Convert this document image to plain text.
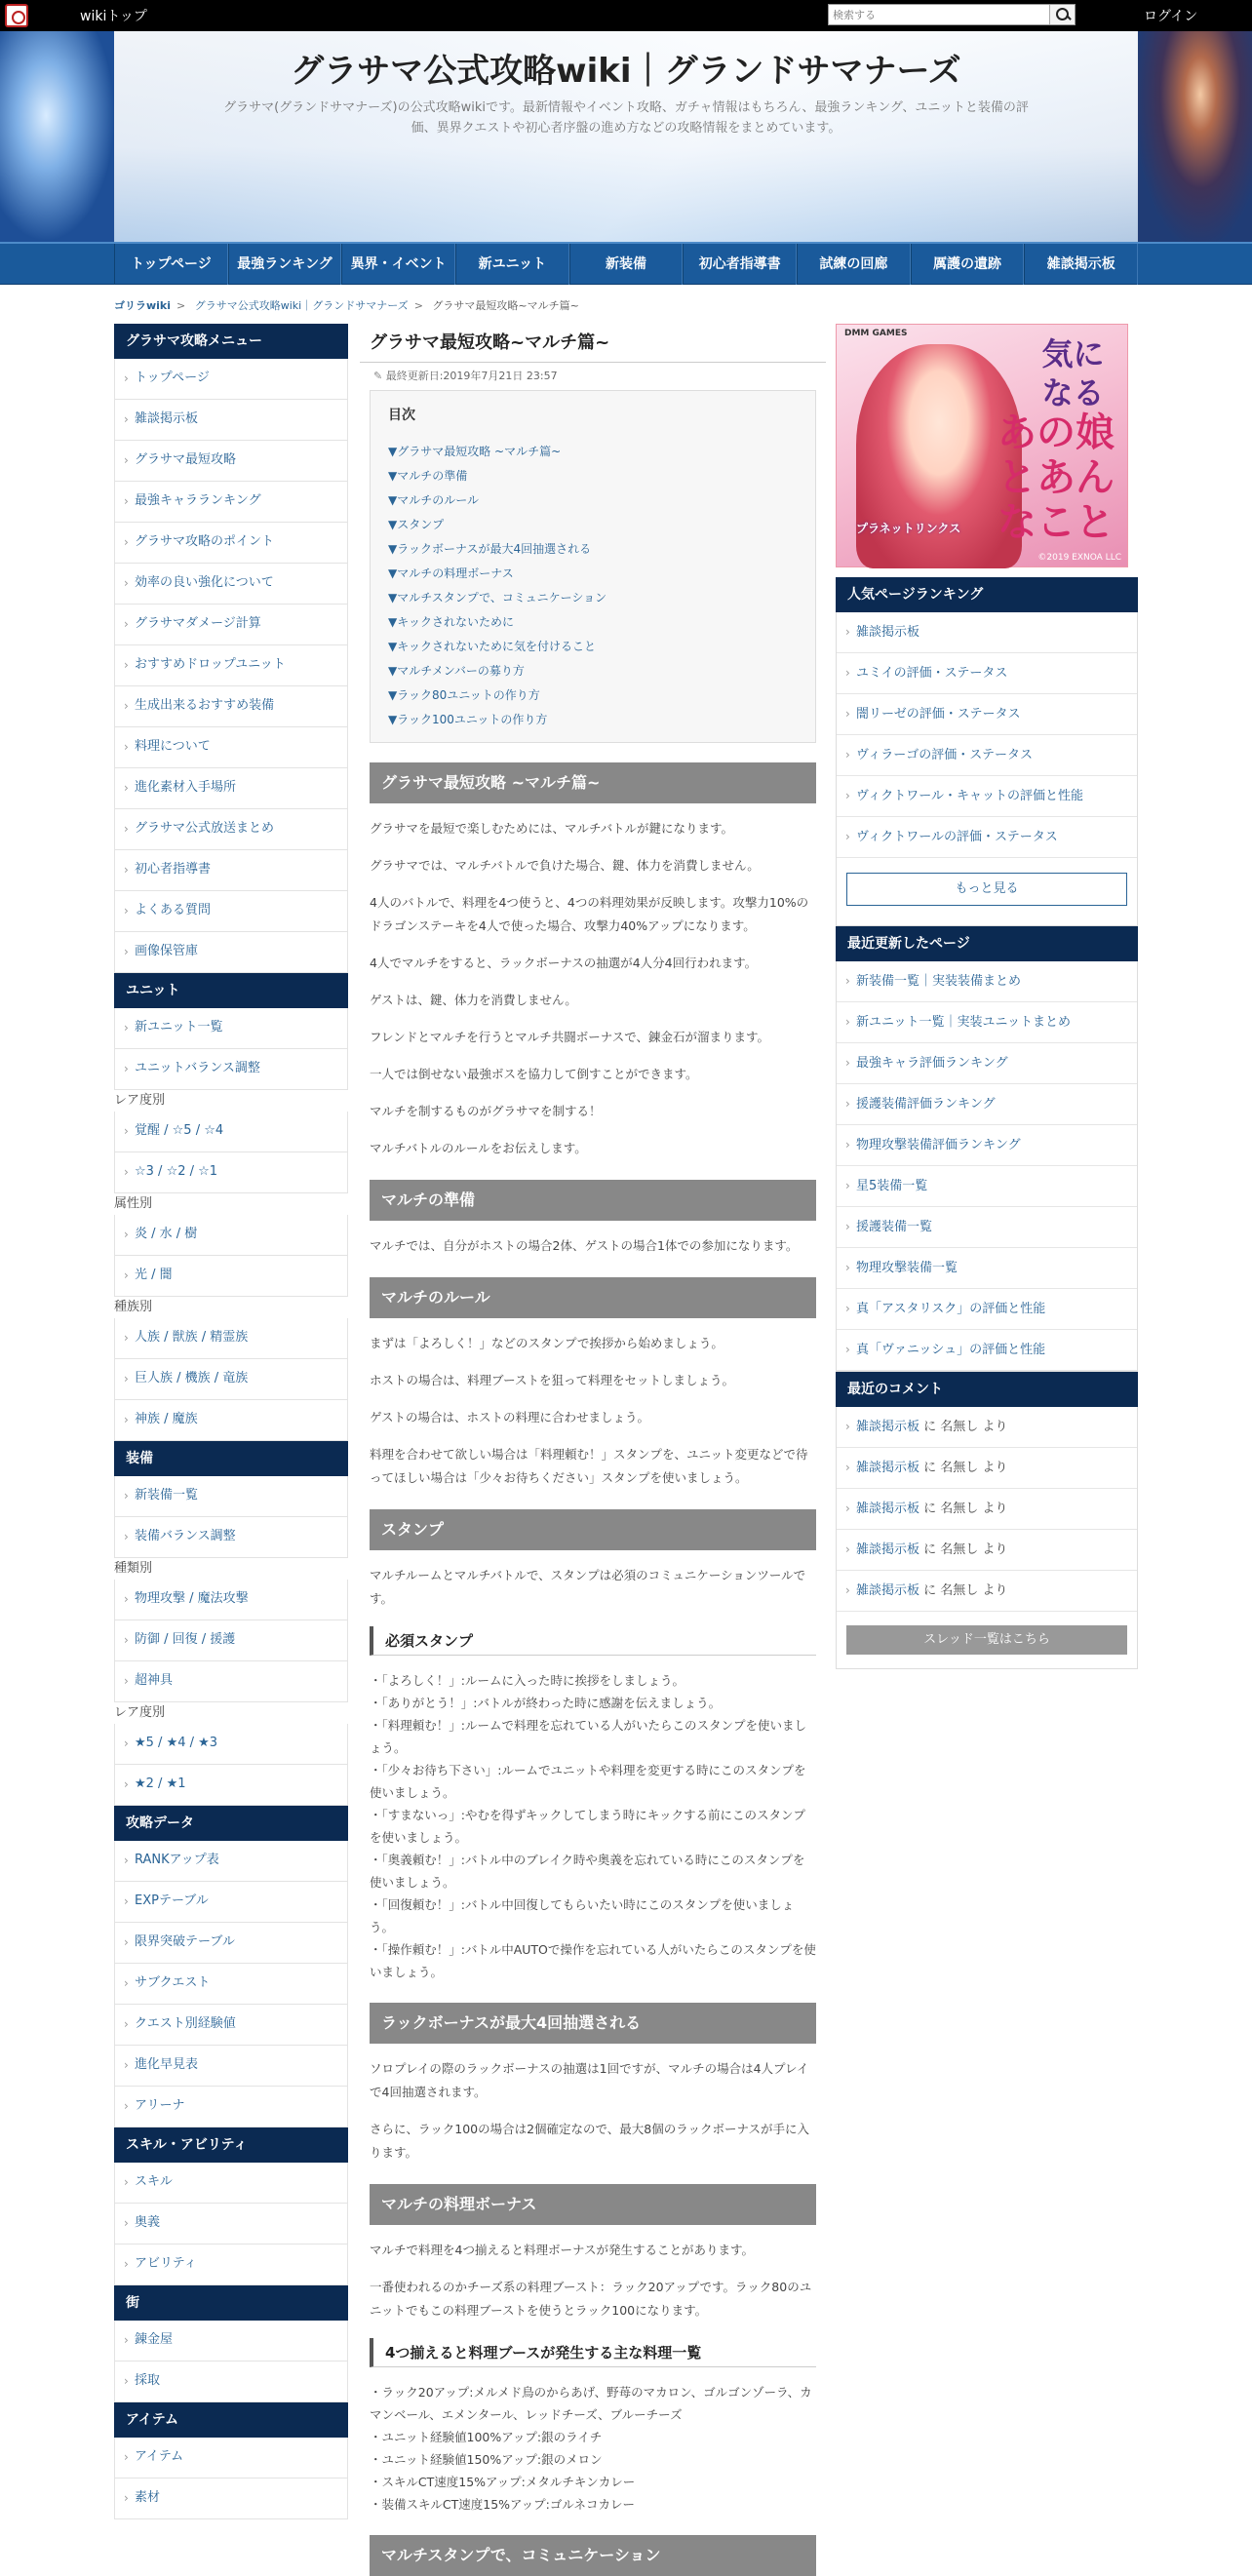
wikiトップ
検索する	ログイン
グラサマ公式攻略wiki｜グランドサマナーズ
グラサマ(グランドサマナーズ)の公式攻略wikiです。最新情報やイベント攻略、ガチャ情報はもちろん、最強ランキング、ユニットと装備の評価、異界クエストや初心者序盤の進め方などの攻略情報をまとめています。
トップページ	最強ランキング	異界・イベント	新ユニット	新装備	初心者指導書	試練の回廊	厲護の遺跡	雑談掲示板
ゴリラwiki > グラサマ公式攻略wiki｜グランドサマナーズ > グラサマ最短攻略~マルチ篇~
グラサマ攻略メニュー
› トップページ
› 雑談掲示板
› グラサマ最短攻略
› 最強キャラランキング
› グラサマ攻略のポイント
› 効率の良い強化について
› グラサマダメージ計算
› おすすめドロップユニット
› 生成出来るおすすめ装備
› 料理について
› 進化素材入手場所
› グラサマ公式放送まとめ
› 初心者指導書
› よくある質問
› 画像保管庫
ユニット
› 新ユニット一覧
› ユニットバランス調整
レア度別
› 覚醒 / ☆5 / ☆4
› ☆3 / ☆2 / ☆1
属性別
› 炎 / 水 / 樹
› 光 / 闇
種族別
› 人族 / 獣族 / 精霊族
› 巨人族 / 機族 / 竜族
› 神族 / 魔族
装備
› 新装備一覧
› 装備バランス調整
種類別
› 物理攻撃 / 魔法攻撃
› 防御 / 回復 / 援護
› 超神具
レア度別
› ★5 / ★4 / ★3
› ★2 / ★1
攻略データ
› RANKアップ表
› EXPテーブル
› 限界突破テーブル
› サブクエスト
› クエスト別経験値
› 進化早見表
› アリーナ
スキル・アビリティ
› スキル
› 奥義
› アビリティ
街
› 錬金屋
› 採取
アイテム
› アイテム
› 素材
グラサマ最短攻略~マルチ篇~
✎ 最終更新日:2019年7月21日 23:57
目次
▼グラサマ最短攻略 ~マルチ篇~
▼マルチの準備
▼マルチのルール
▼スタンプ
▼ラックボーナスが最大4回抽選される
▼マルチの料理ボーナス
▼マルチスタンプで、コミュニケーション
▼キックされないために
▼キックされないために気を付けること
▼マルチメンバーの募り方
▼ラック80ユニットの作り方
▼ラック100ユニットの作り方
グラサマ最短攻略 ~マルチ篇~
グラサマを最短で楽しむためには、マルチバトルが鍵になります。
グラサマでは、マルチバトルで負けた場合、鍵、体力を消費しません。
4人のバトルで、料理を4つ使うと、4つの料理効果が反映します。攻撃力10%のドラゴンステーキを4人で使った場合、攻撃力40%アップになります。
4人でマルチをすると、ラックボーナスの抽選が4人分4回行われます。
ゲストは、鍵、体力を消費しません。
フレンドとマルチを行うとマルチ共闘ボーナスで、錬金石が溜まります。
一人では倒せない最強ボスを協力して倒すことができます。
マルチを制するものがグラサマを制する！
マルチバトルのルールをお伝えします。
マルチの準備
マルチでは、自分がホストの場合2体、ゲストの場合1体での参加になります。
マルチのルール
まずは「よろしく！」などのスタンプで挨拶から始めましょう。
ホストの場合は、料理ブーストを狙って料理をセットしましょう。
ゲストの場合は、ホストの料理に合わせましょう。
料理を合わせて欲しい場合は「料理頼む！」スタンプを、ユニット変更などで待ってほしい場合は「少々お待ちください」スタンプを使いましょう。
スタンプ
マルチルームとマルチバトルで、スタンプは必須のコミュニケーションツールです。
必須スタンプ
・「よろしく！」:ルームに入った時に挨拶をしましょう。
・「ありがとう！」:バトルが終わった時に感謝を伝えましょう。
・「料理頼む！」:ルームで料理を忘れている人がいたらこのスタンプを使いましょう。
・「少々お待ち下さい」:ルームでユニットや料理を変更する時にこのスタンプを使いましょう。
・「すまないっ」:やむを得ずキックしてしまう時にキックする前にこのスタンプを使いましょう。
・「奥義頼む！」:バトル中のブレイク時や奥義を忘れている時にこのスタンプを使いましょう。
・「回復頼む！」:バトル中回復してもらいたい時にこのスタンプを使いましょう。
・「操作頼む！」:バトル中AUTOで操作を忘れている人がいたらこのスタンプを使いましょう。
ラックボーナスが最大4回抽選される
ソロプレイの際のラックボーナスの抽選は1回ですが、マルチの場合は4人プレイで4回抽選されます。
さらに、ラック100の場合は2個確定なので、最大8個のラックボーナスが手に入ります。
マルチの料理ボーナス
マルチで料理を4つ揃えると料理ボーナスが発生することがあります。
一番使われるのかチーズ系の料理ブースト：ラック20アップです。ラック80のユニットでもこの料理ブーストを使うとラック100になります。
4つ揃えると料理ブースが発生する主な料理一覧
・ラック20アップ:メルメド鳥のからあげ、野苺のマカロン、ゴルゴンゾーラ、カマンベール、エメンタール、レッドチーズ、ブルーチーズ
・ユニット経験値100%アップ:銀のライチ
・ユニット経験値150%アップ:銀のメロン
・スキルCT速度15%アップ:メタルチキンカレー
・装備スキルCT速度15%アップ:ゴルネコカレー
マルチスタンプで、コミュニケーション
DMM GAMES
気になる
あの娘とあんなこと
プラネットリンクス
©2019 EXNOA LLC
人気ページランキング
› 雑談掲示板
› ユミイの評価・ステータス
› 闇リーゼの評価・ステータス
› ヴィラーゴの評価・ステータス
› ヴィクトワール・キャットの評価と性能
› ヴィクトワールの評価・ステータス
もっと見る
最近更新したページ
› 新装備一覧｜実装装備まとめ
› 新ユニット一覧｜実装ユニットまとめ
› 最強キャラ評価ランキング
› 援護装備評価ランキング
› 物理攻撃装備評価ランキング
› 星5装備一覧
› 援護装備一覧
› 物理攻撃装備一覧
› 真「アスタリスク」の評価と性能
› 真「ヴァニッシュ」の評価と性能
最近のコメント
› 雑談掲示板 に 名無し より
› 雑談掲示板 に 名無し より
› 雑談掲示板 に 名無し より
› 雑談掲示板 に 名無し より
› 雑談掲示板 に 名無し より
スレッド一覧はこちら
